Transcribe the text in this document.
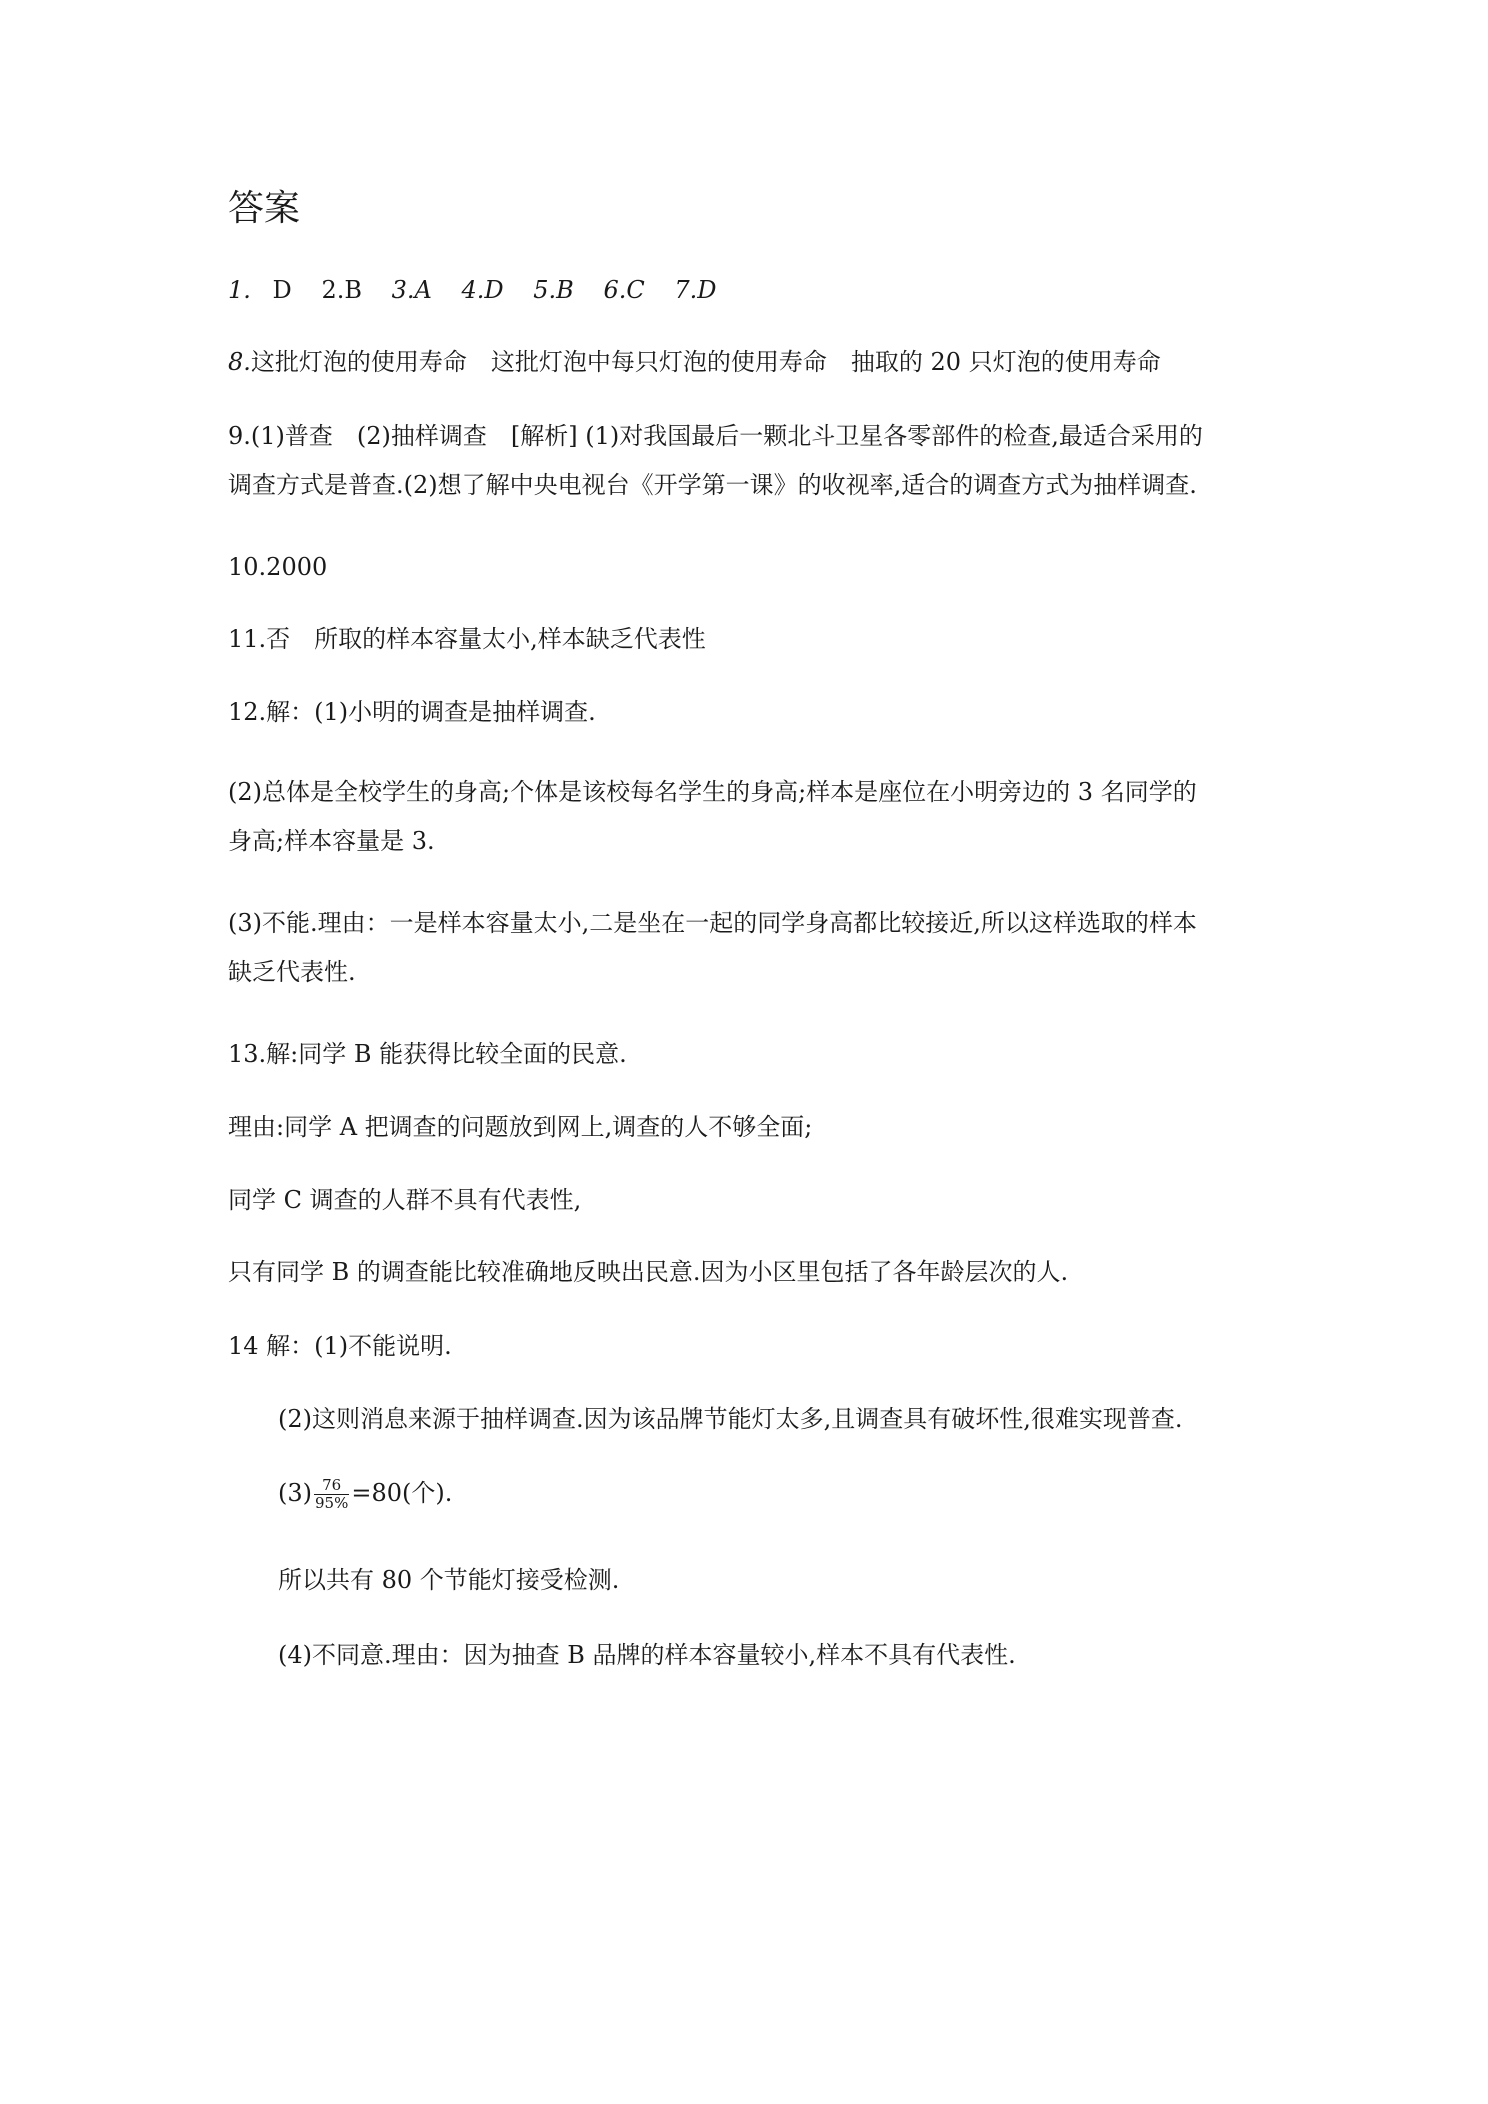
答案
1. D 2.B 3.A 4.D 5.B 6.C 7.D
8.这批灯泡的使用寿命　这批灯泡中每只灯泡的使用寿命　抽取的 20 只灯泡的使用寿命
9.(1)普查　(2)抽样调查　[解析] (1)对我国最后一颗北斗卫星各零部件的检查,最适合采用的
调查方式是普查.(2)想了解中央电视台《开学第一课》的收视率,适合的调查方式为抽样调查.
10.2000
11.否　所取的样本容量太小,样本缺乏代表性
12.解：(1)小明的调查是抽样调查.
(2)总体是全校学生的身高;个体是该校每名学生的身高;样本是座位在小明旁边的 3 名同学的
身高;样本容量是 3.
(3)不能.理由：一是样本容量太小,二是坐在一起的同学身高都比较接近,所以这样选取的样本
缺乏代表性.
13.解:同学 B 能获得比较全面的民意.
理由:同学 A 把调查的问题放到网上,调查的人不够全面;
同学 C 调查的人群不具有代表性,
只有同学 B 的调查能比较准确地反映出民意.因为小区里包括了各年龄层次的人.
14 解：(1)不能说明.
(2)这则消息来源于抽样调查.因为该品牌节能灯太多,且调查具有破坏性,很难实现普查.
$(3) \frac{76}{95\%} =80$(个).
所以共有 80 个节能灯接受检测.
(4)不同意.理由：因为抽查 B 品牌的样本容量较小,样本不具有代表性.
